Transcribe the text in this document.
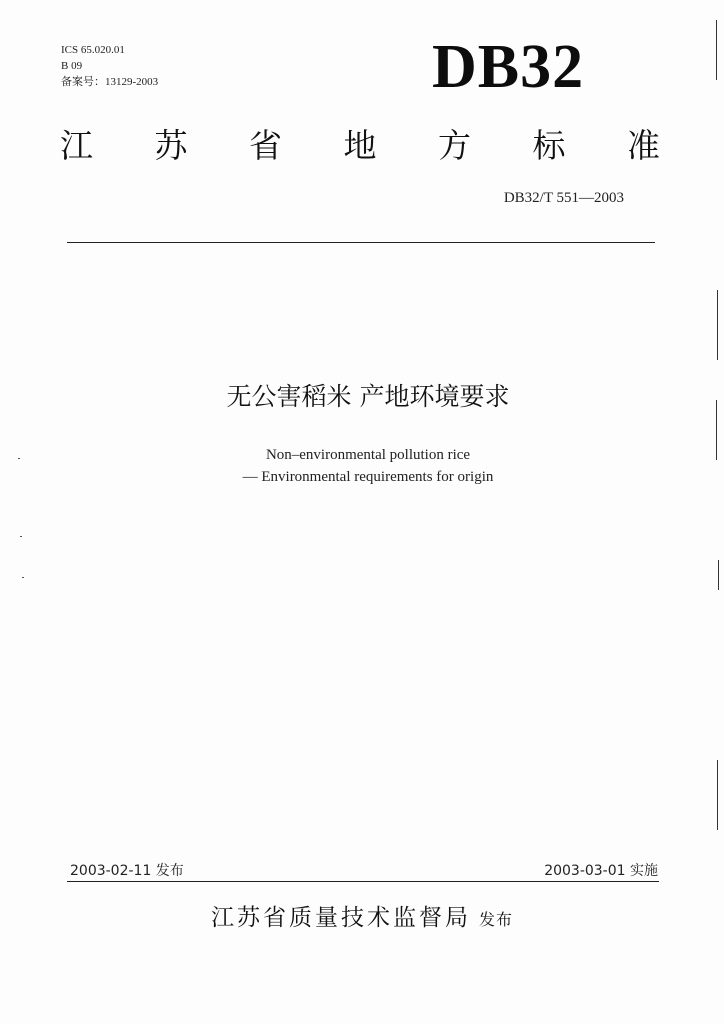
ICS 65.020.01
B 09
备案号：13129-2003	DB32
江 苏 省 地 方 标 准
DB32/T 551—2003
无公害稻米 产地环境要求
Non–environmental pollution rice
— Environmental requirements for origin
2003-02-11 发布	2003-03-01 实施
江苏省质量技术监督局 发布
